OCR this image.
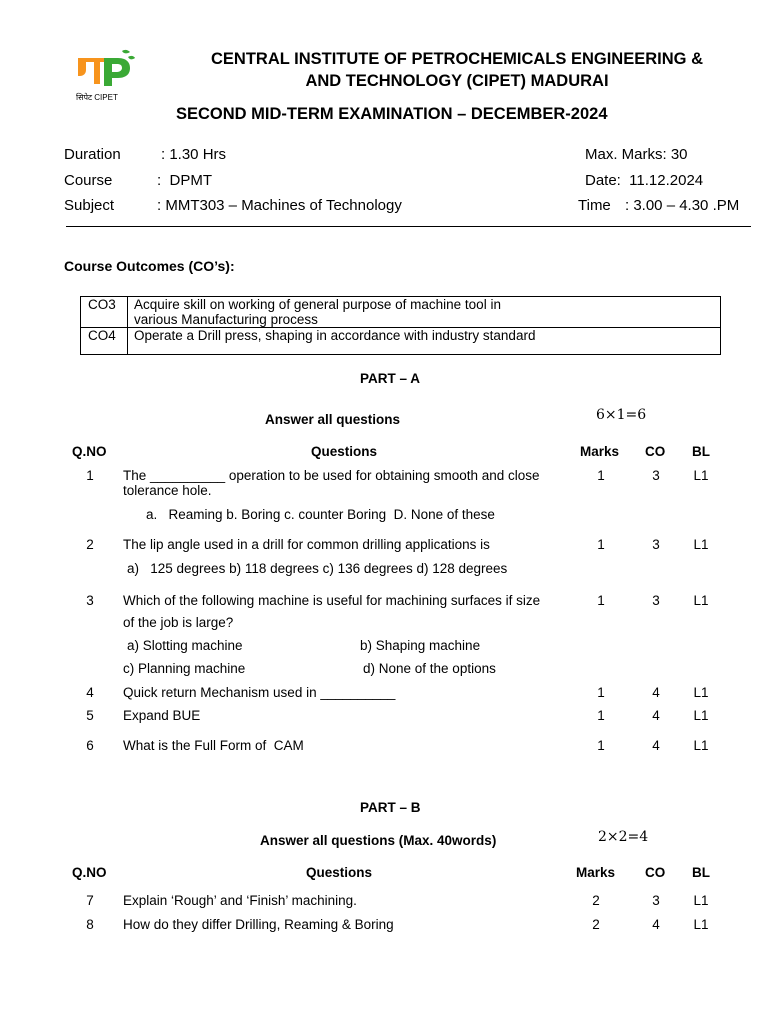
सिपेट CIPET
CENTRAL INSTITUTE OF PETROCHEMICALS ENGINEERING &
AND TECHNOLOGY (CIPET) MADURAI
SECOND MID-TERM EXAMINATION – DECEMBER-2024
Duration	: 1.30 Hrs
Course	:  DPMT
Subject	: MMT303 – Machines of Technology
Max. Marks: 30
Date:  11.12.2024
Time : 3.00 – 4.30 .PM
Course Outcomes (CO’s):
CO3	Acquire skill on working of general purpose of machine tool in
various Manufacturing process

CO4	Operate a Drill press, shaping in accordance with industry standard
PART – A
Answer all questions	6×1=6
Q.NO	Questions	Marks CO BL
1	The __________ operation to be used for obtaining smooth and close
tolerance hole.
a.   Reaming b. Boring c. counter Boring  D. None of these
1	3	L1
2	The lip angle used in a drill for common drilling applications is
a)   125 degrees b) 118 degrees c) 136 degrees d) 128 degrees
1	3	L1
3	Which of the following machine is useful for machining surfaces if size
of the job is large?
a) Slotting machine	b) Shaping machine
c) Planning machine	d) None of the options
1	3	L1
4	Quick return Mechanism used in __________	1	4	L1
5	Expand BUE	1	4	L1
6	What is the Full Form of  CAM	1	4	L1
PART – B
Answer all questions (Max. 40words)	2×2=4
Q.NO	Questions	Marks CO BL
7	Explain ‘Rough’ and ‘Finish’ machining.	2	3	L1
8	How do they differ Drilling, Reaming & Boring	2	4	L1
